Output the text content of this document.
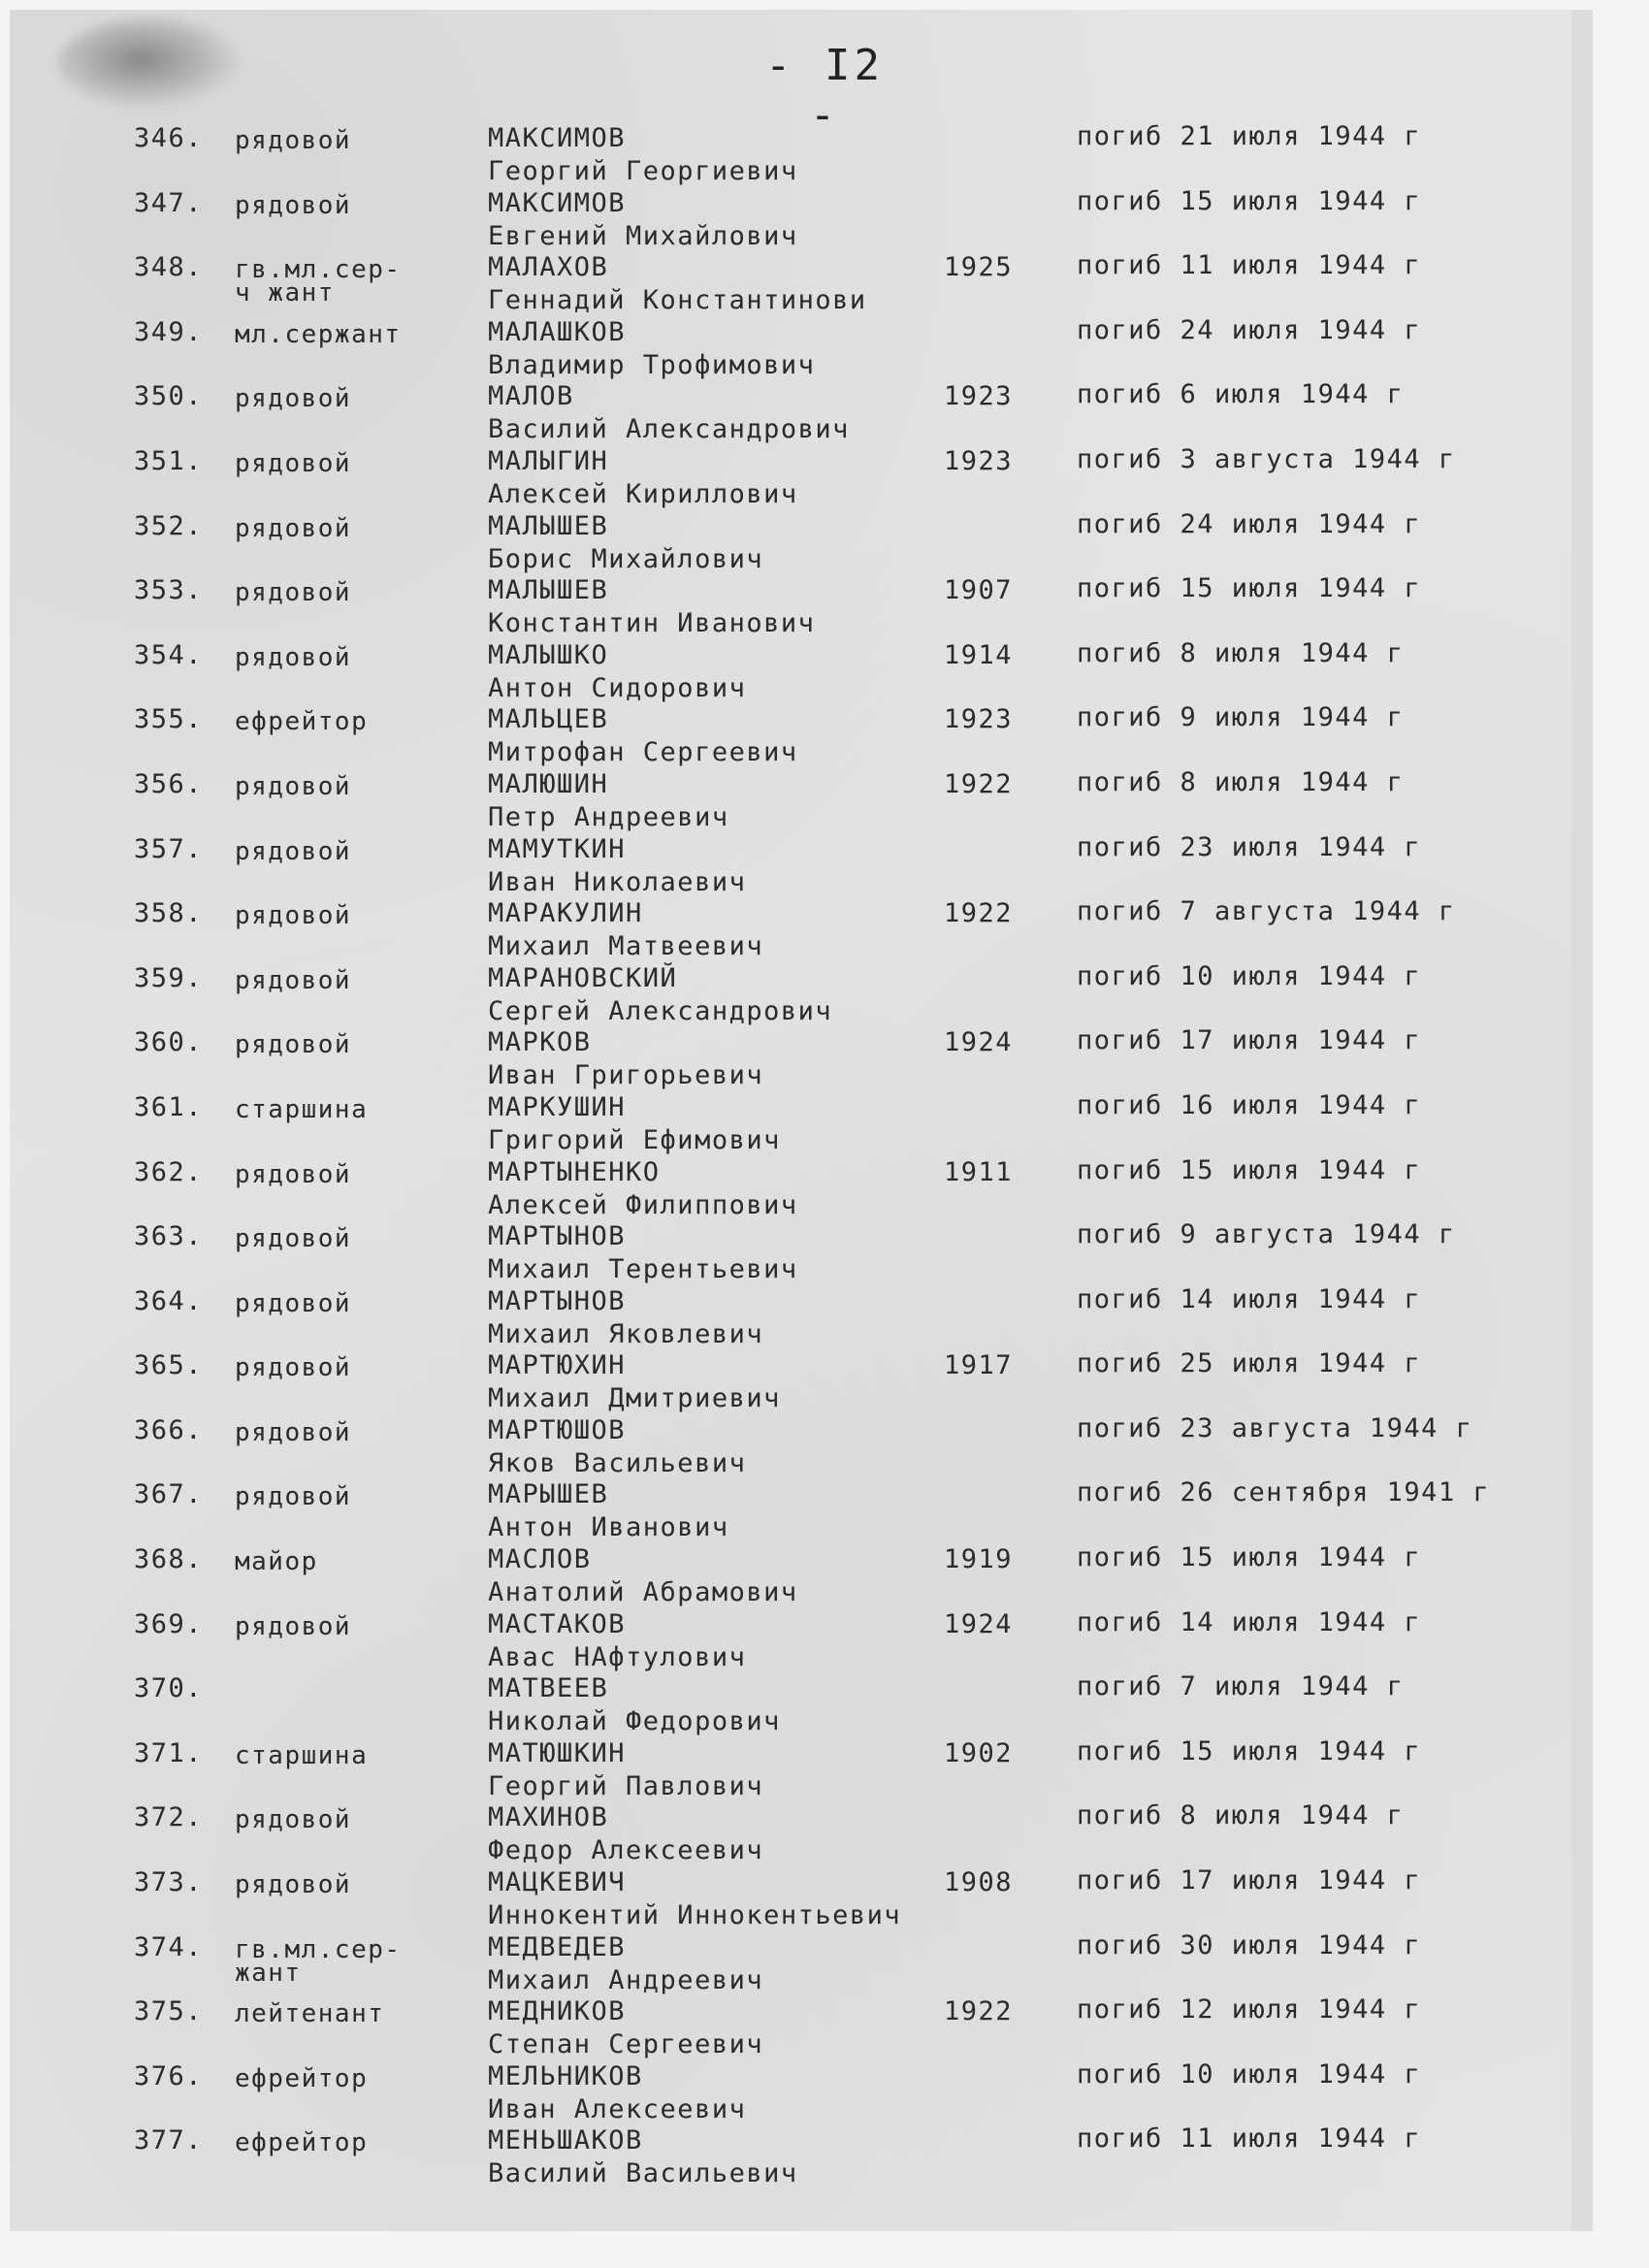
- I2 -
346. рядовой	МАКСИМОВ
Георгий Георгиевич
погиб 21 июля 1944 г
347. рядовой	МАКСИМОВ
Евгений Михайлович
погиб 15 июля 1944 г
348. гв.мл.сер-
ч жант
МАЛАХОВ
Геннадий Константинови
1925 погиб 11 июля 1944 г
349. мл.сержант	МАЛАШКОВ
Владимир Трофимович
погиб 24 июля 1944 г
350. рядовой	МАЛОВ
Василий Александрович
1923 погиб 6 июля 1944 г
351. рядовой	МАЛЫГИН
Алексей Кириллович
1923 погиб 3 августа 1944 г
352. рядовой	МАЛЫШЕВ
Борис Михайлович
погиб 24 июля 1944 г
353. рядовой	МАЛЫШЕВ
Константин Иванович
1907 погиб 15 июля 1944 г
354. рядовой	МАЛЫШКО
Антон Сидорович
1914 погиб 8 июля 1944 г
355. ефрейтор	МАЛЬЦЕВ
Митрофан Сергеевич
1923 погиб 9 июля 1944 г
356. рядовой	МАЛЮШИН
Петр Андреевич
1922 погиб 8 июля 1944 г
357. рядовой	МАМУТКИН
Иван Николаевич
погиб 23 июля 1944 г
358. рядовой	МАРАКУЛИН
Михаил Матвеевич
1922 погиб 7 августа 1944 г
359. рядовой	МАРАНОВСКИЙ
Сергей Александрович
погиб 10 июля 1944 г
360. рядовой	МАРКОВ
Иван Григорьевич
1924 погиб 17 июля 1944 г
361. старшина	МАРКУШИН
Григорий Ефимович
погиб 16 июля 1944 г
362. рядовой	МАРТЫНЕНКО
Алексей Филиппович
1911 погиб 15 июля 1944 г
363. рядовой	МАРТЫНОВ
Михаил Терентьевич
погиб 9 августа 1944 г
364. рядовой	МАРТЫНОВ
Михаил Яковлевич
погиб 14 июля 1944 г
365. рядовой	МАРТЮХИН
Михаил Дмитриевич
1917 погиб 25 июля 1944 г
366. рядовой	МАРТЮШОВ
Яков Васильевич
погиб 23 августа 1944 г
367. рядовой	МАРЫШЕВ
Антон Иванович
погиб 26 сентября 1941 г
368. майор	МАСЛОВ
Анатолий Абрамович
1919 погиб 15 июля 1944 г
369. рядовой	МАСТАКОВ
Авас НАфтулович
1924 погиб 14 июля 1944 г
370.	МАТВЕЕВ
Николай Федорович
погиб 7 июля 1944 г
371. старшина	МАТЮШКИН
Георгий Павлович
1902 погиб 15 июля 1944 г
372. рядовой	МАХИНОВ
Федор Алексеевич
погиб 8 июля 1944 г
373. рядовой	МАЦКЕВИЧ
Иннокентий Иннокентьевич
1908 погиб 17 июля 1944 г
374. гв.мл.сер-
жант
МЕДВЕДЕВ
Михаил Андреевич
погиб 30 июля 1944 г
375. лейтенант	МЕДНИКОВ
Степан Сергеевич
1922 погиб 12 июля 1944 г
376. ефрейтор	МЕЛЬНИКОВ
Иван Алексеевич
погиб 10 июля 1944 г
377. ефрейтор	МЕНЬШАКОВ
Василий Васильевич
погиб 11 июля 1944 г
